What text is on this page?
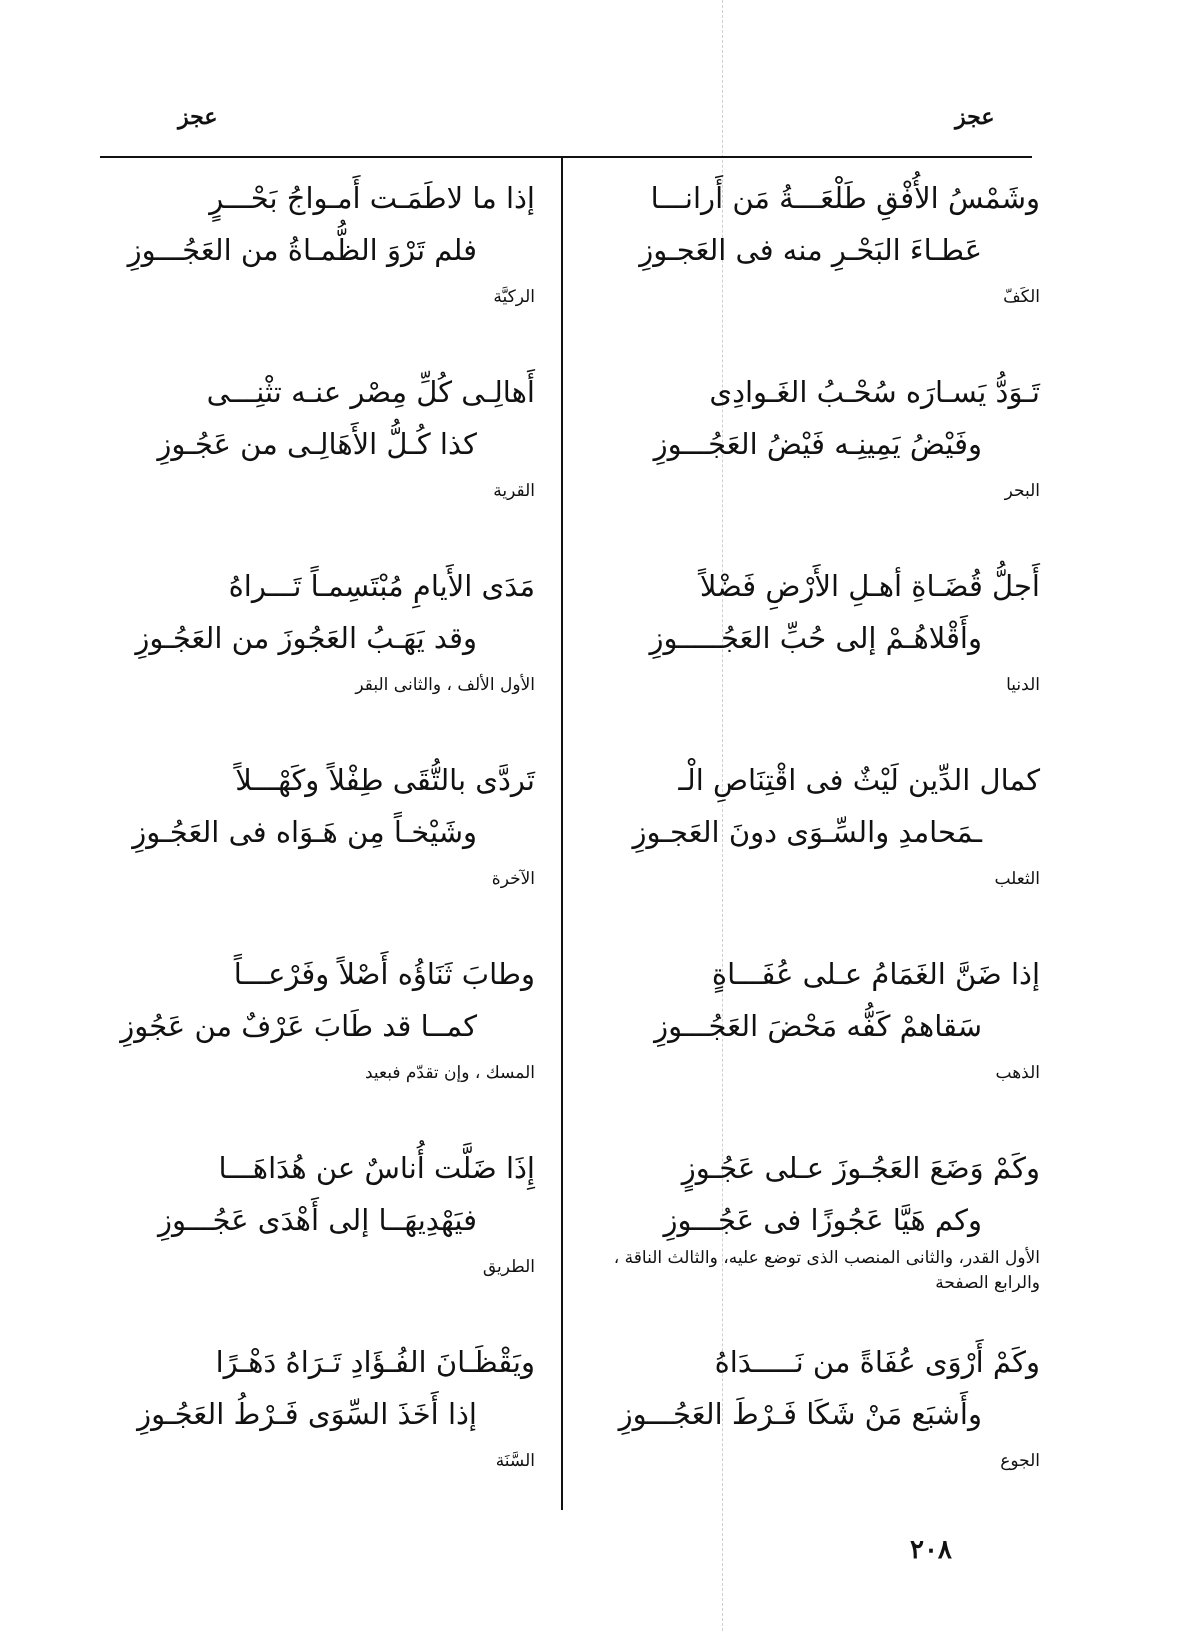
عجز
عجز
وشَمْسُ الأُفْقِ طَلْعَـــةُ مَن أَرانـــا
عَطـاءَ البَحْـرِ منه فى العَجـوزِ
الكَفّ
تَـوَدُّ يَسـارَه سُحْـبُ الغَـوادِى
وفَيْضُ يَمِينِـه فَيْضُ العَجُـــوزِ
البحر
أَجلُّ قُضَـاةِ أهـلِ الأَرْضِ فَضْلاً
وأَقْلاهُـمْ إلى حُبِّ العَجُـــــوزِ
الدنيا
كمال الدِّين لَيْثٌ فى اقْتِنَاصِ الْـ
ـمَحامدِ والسِّـوَى دونَ العَجـوزِ
الثعلب
إذا ضَنَّ الغَمَامُ عـلى عُفَـــاةٍ
سَقاهمْ كَفُّه مَحْضَ العَجُـــوزِ
الذهب
وكَمْ وَضَعَ العَجُـوزَ عـلى عَجُـوزٍ
وكم هَيَّا عَجُوزًا فى عَجُـــوزِ
الأول القدر، والثانى المنصب الذى توضع عليه، والثالث الناقة ، والرابع الصفحة
وكَمْ أَرْوَى عُفَاةً من نَـــــدَاهُ
وأَشبَع مَنْ شَكَا فَـرْطَ العَجُـــوزِ
الجوع
إذا ما لاطَمَـت أَمـواجُ بَحْـــرٍ
فلم تَرْوَ الظُّمـاةُ من العَجُـــوزِ
الركيَّة
أَهالِـى كُلِّ مِصْر عنـه تثْنِـــى
كذا كُـلُّ الأَهَالِـى من عَجُـوزِ
القرية
مَدَى الأَيامِ مُبْتَسِمـاً تَـــراهُ
وقد يَهَـبُ العَجُوزَ من العَجُـوزِ
الأول الألف ، والثانى البقر
تَردَّى بالتُّقَى طِفْلاً وكَهْـــلاً
وشَيْخـاً مِن هَـوَاه فى العَجُـوزِ
الآخرة
وطابَ ثَنَاؤُه أَصْلاً وفَرْعـــاً
كمــا قد طَابَ عَرْفٌ من عَجُوزِ
المسك ، وإن تقدّم فبعيد
إِذَا ضَلَّت أُناسٌ عن هُدَاهَـــا
فيَهْدِيهَــا إلى أَهْدَى عَجُـــوزِ
الطريق
ويَقْظَـانَ الفُـؤَادِ تَـرَاهُ دَهْـرًا
إذا أَخَذَ السِّوَى فَـرْطُ العَجُـوزِ
السَّنَة
٢٠٨
